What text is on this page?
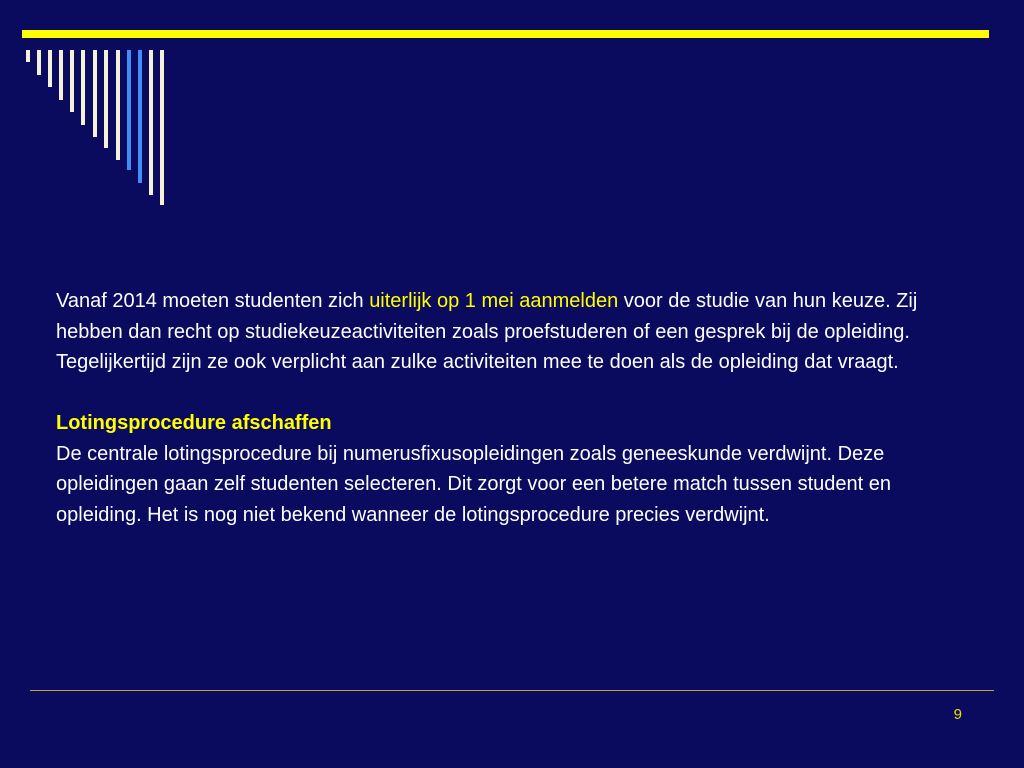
Vanaf 2014 moeten studenten zich uiterlijk op 1 mei aanmelden voor de studie van hun keuze. Zij hebben dan recht op studiekeuzeactiviteiten zoals proefstuderen of een gesprek bij de opleiding. Tegelijkertijd zijn ze ook verplicht aan zulke activiteiten mee te doen als de opleiding dat vraagt.

Lotingsprocedure afschaffen

De centrale lotingsprocedure bij numerusfixusopleidingen zoals geneeskunde verdwijnt. Deze opleidingen gaan zelf studenten selecteren. Dit zorgt voor een betere match tussen student en opleiding. Het is nog niet bekend wanneer de lotingsprocedure precies verdwijnt.

9
